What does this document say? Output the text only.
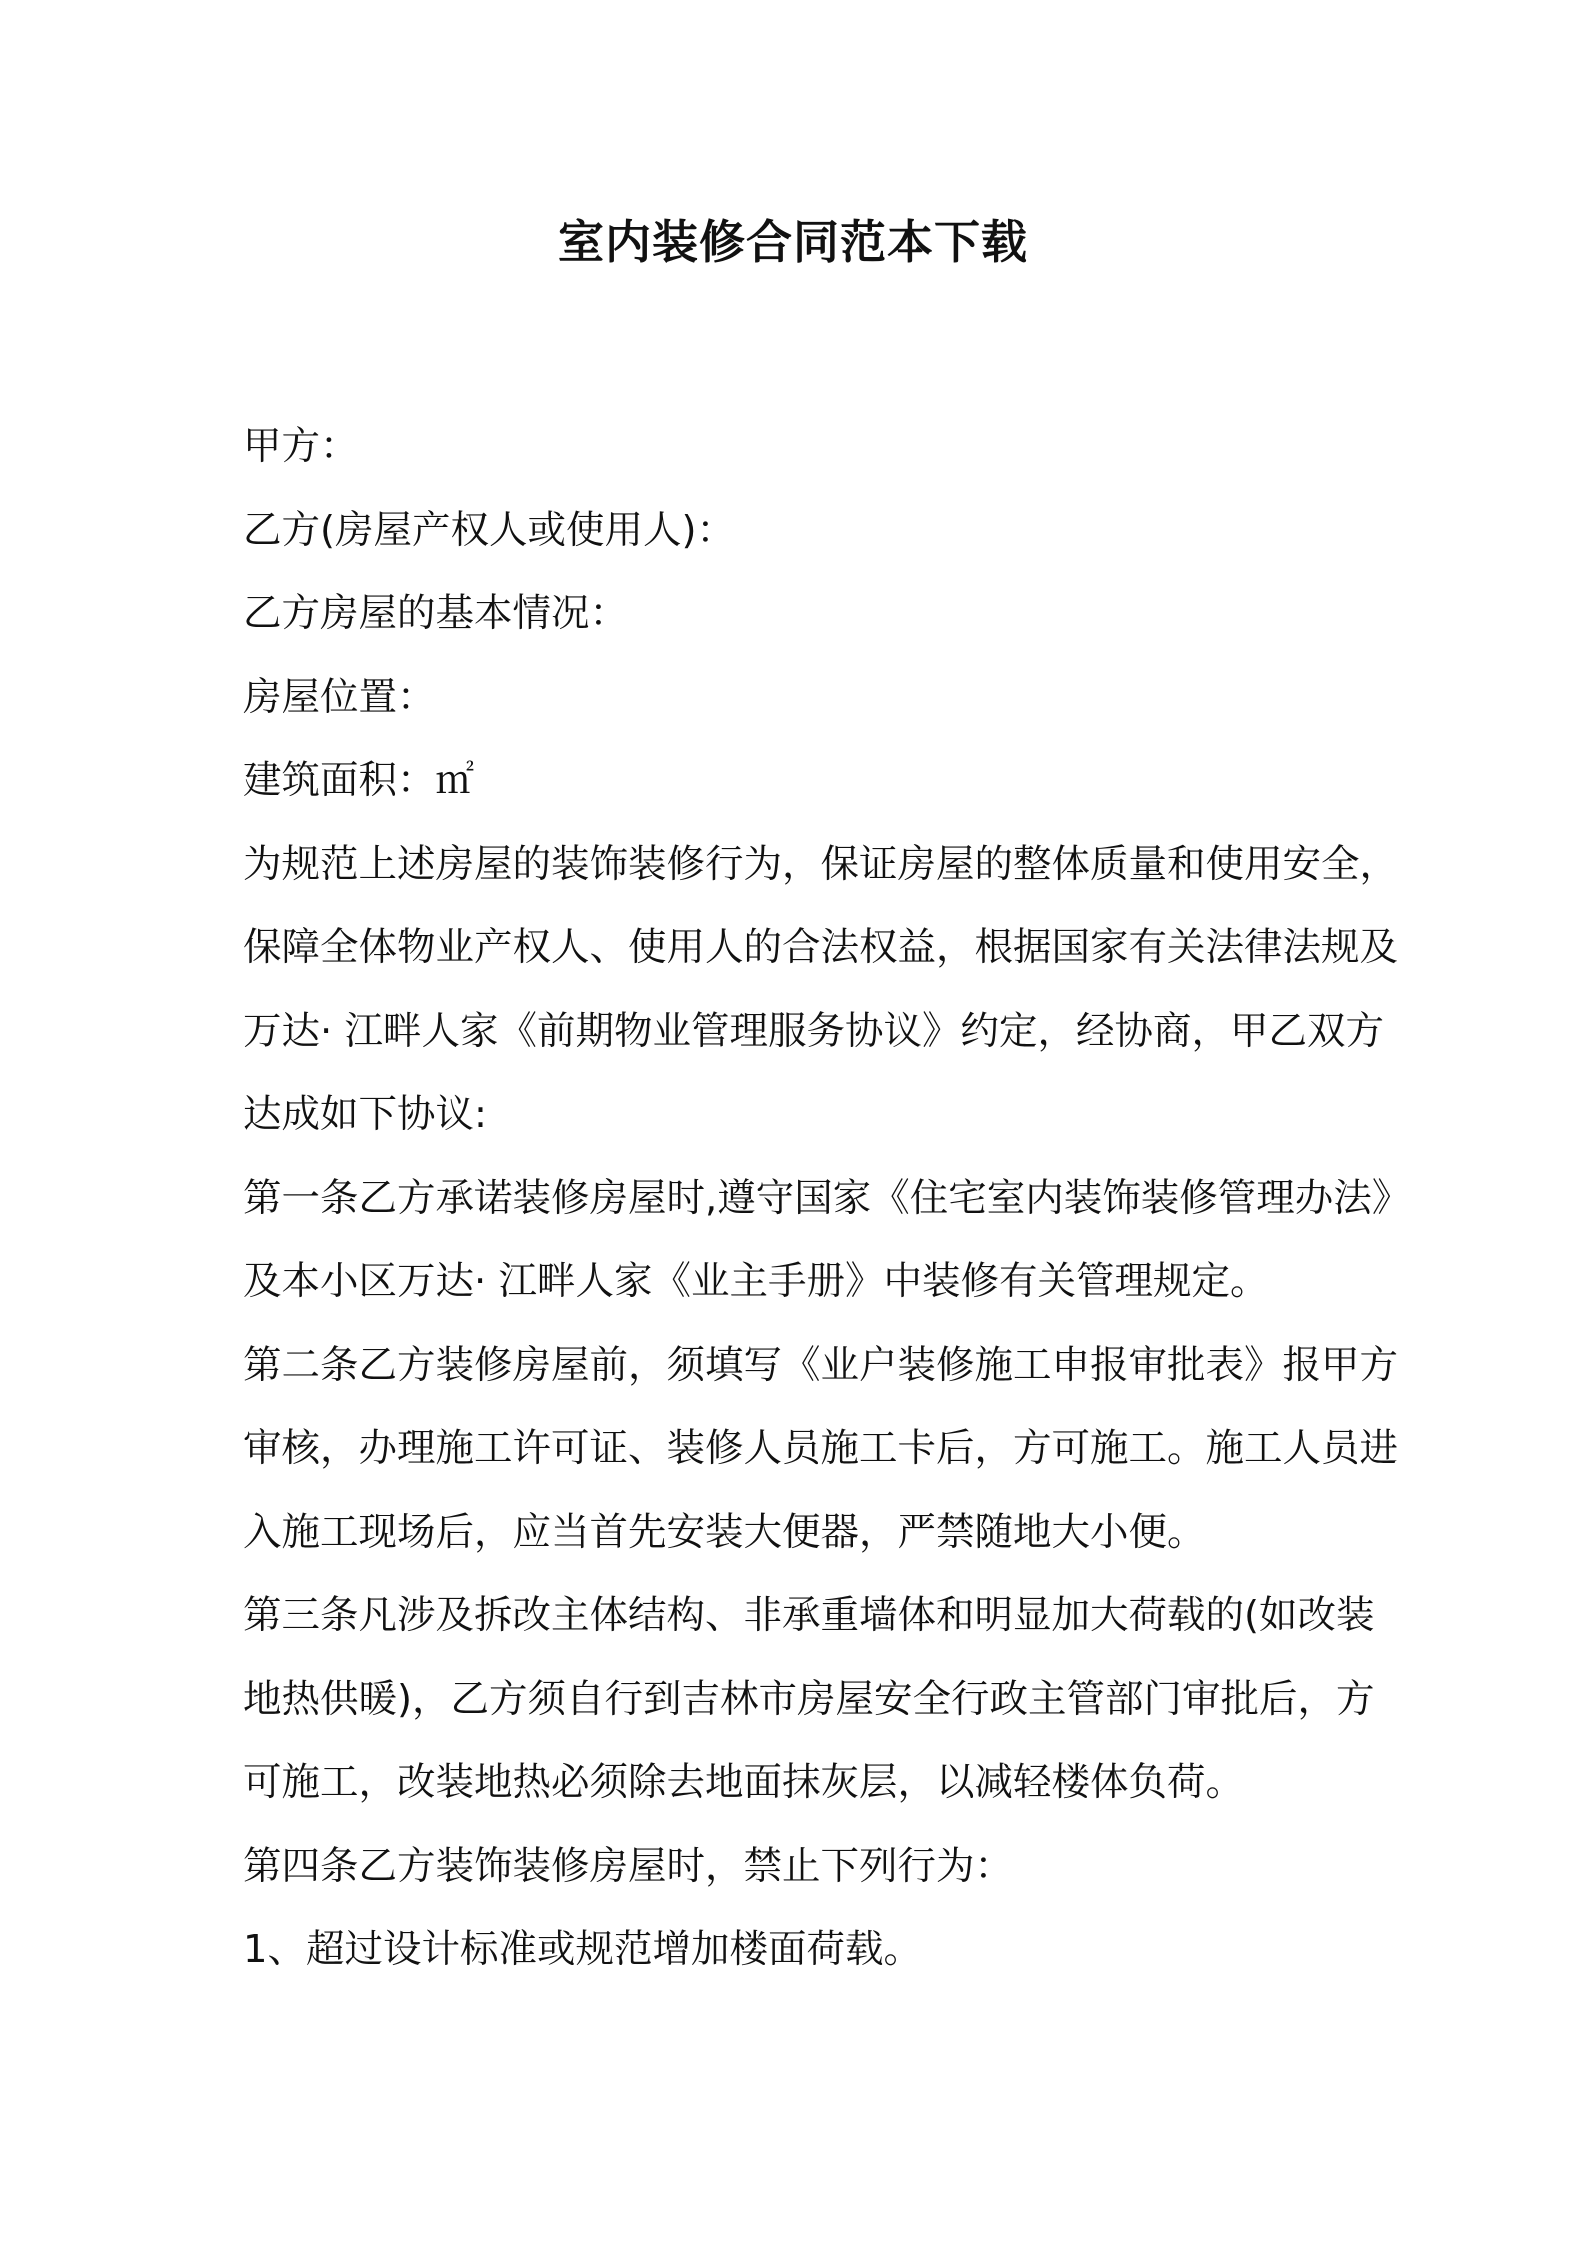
室内装修合同范本下载
甲方：
乙方(房屋产权人或使用人)：
乙方房屋的基本情况：
房屋位置：
建筑面积：㎡
为规范上述房屋的装饰装修行为，保证房屋的整体质量和使用安全，
保障全体物业产权人、使用人的合法权益，根据国家有关法律法规及
万达· 江畔人家《前期物业管理服务协议》约定，经协商，甲乙双方
达成如下协议:
第一条乙方承诺装修房屋时,遵守国家《住宅室内装饰装修管理办法》
及本小区万达· 江畔人家《业主手册》中装修有关管理规定。
第二条乙方装修房屋前，须填写《业户装修施工申报审批表》报甲方
审核，办理施工许可证、装修人员施工卡后，方可施工。施工人员进
入施工现场后，应当首先安装大便器，严禁随地大小便。
第三条凡涉及拆改主体结构、非承重墙体和明显加大荷载的(如改装
地热供暖)，乙方须自行到吉林市房屋安全行政主管部门审批后，方
可施工，改装地热必须除去地面抹灰层，以减轻楼体负荷。
第四条乙方装饰装修房屋时，禁止下列行为：
1、超过设计标准或规范增加楼面荷载。
